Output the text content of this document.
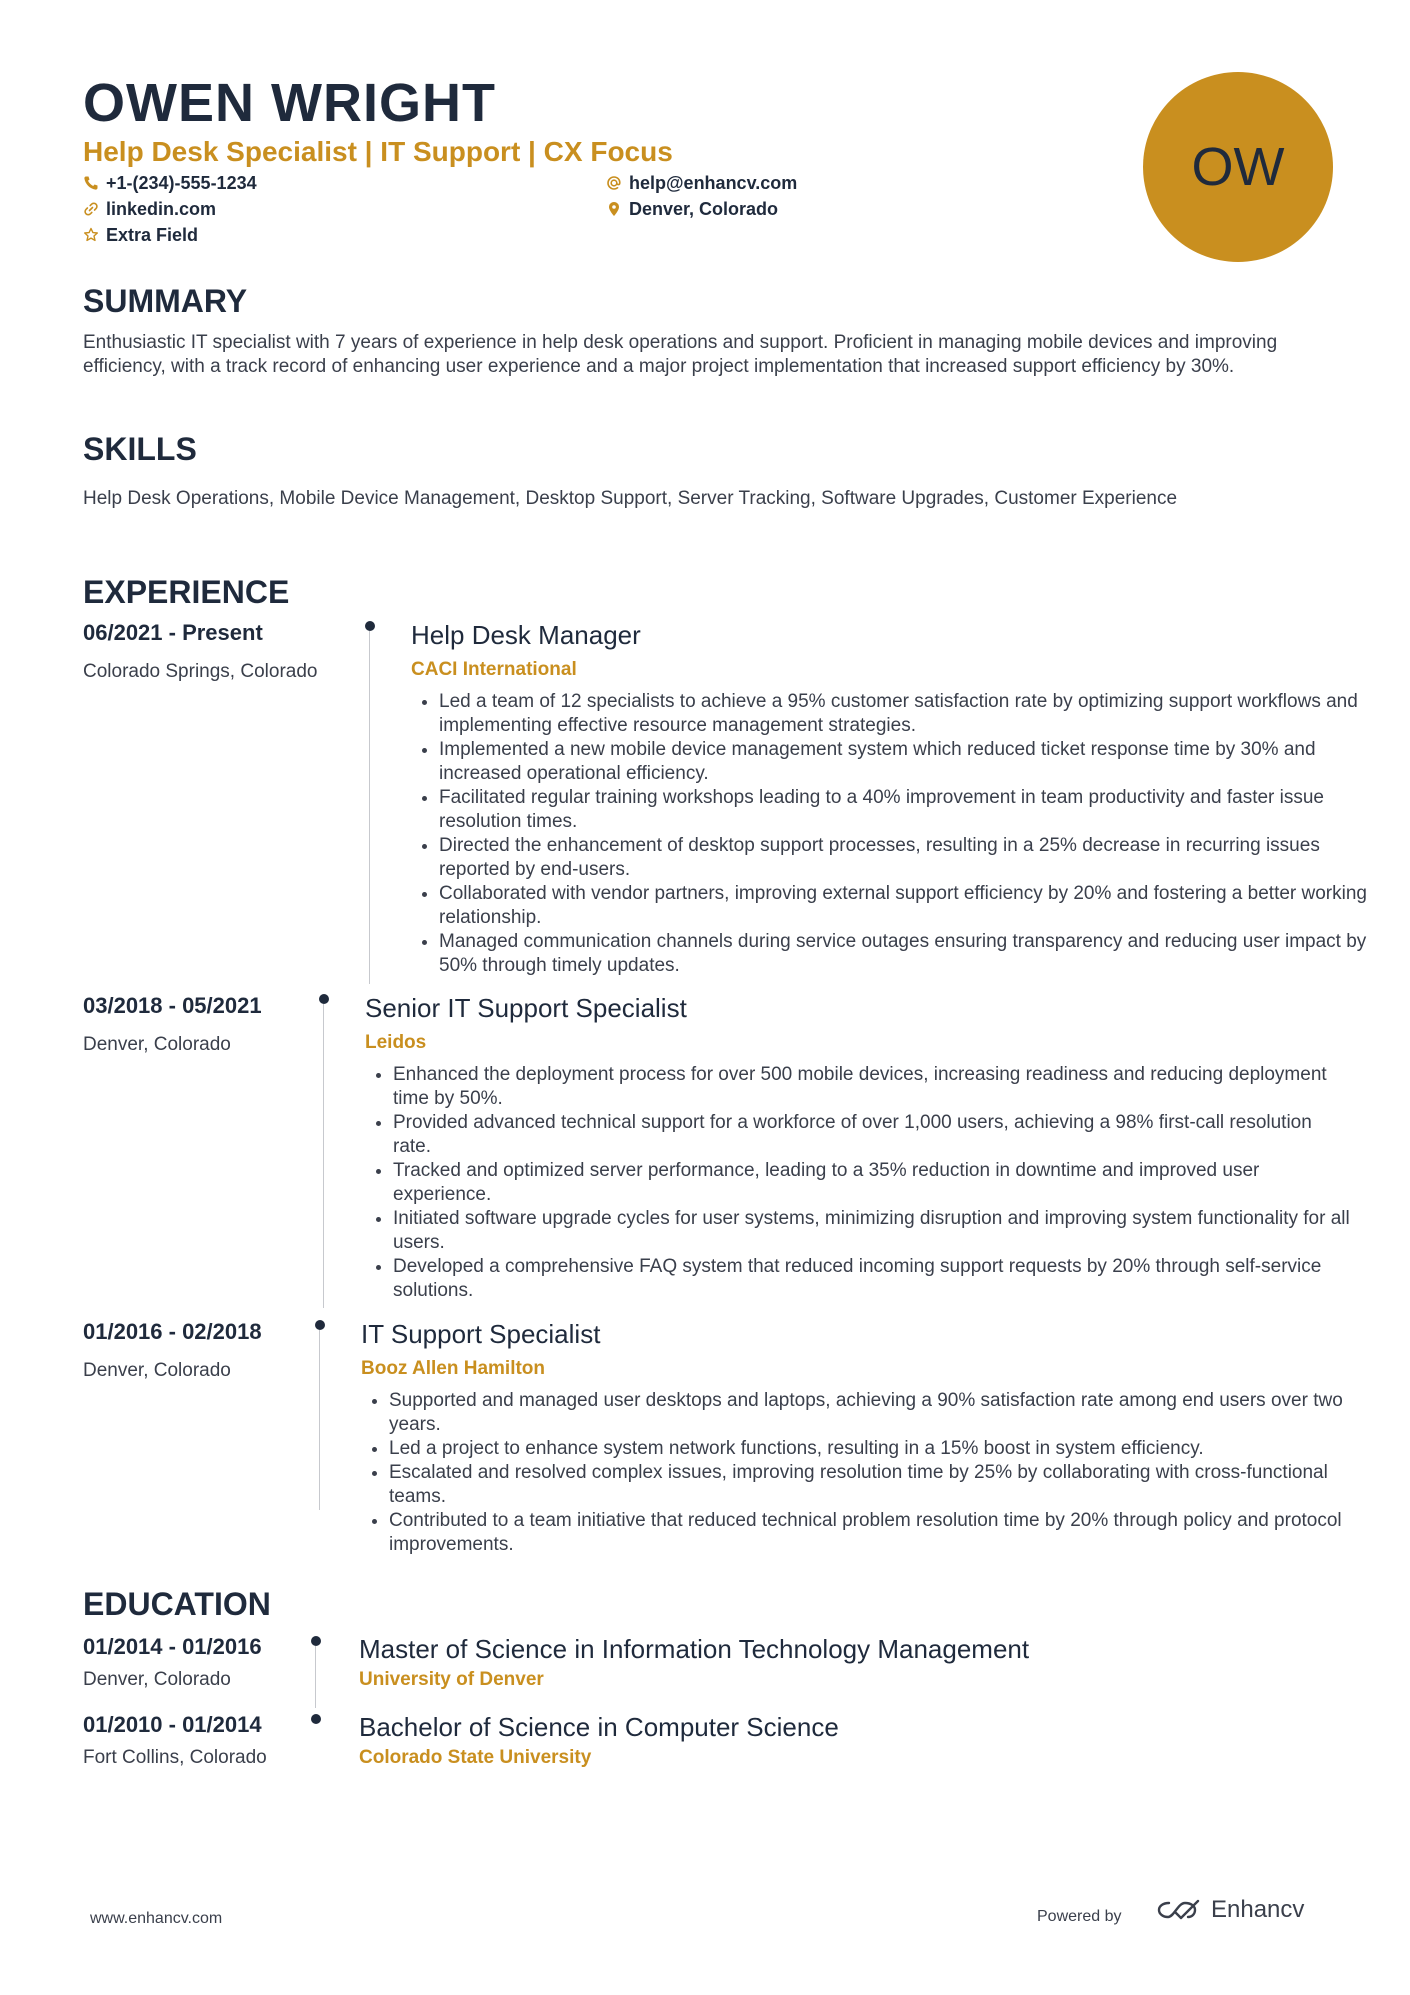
OWEN WRIGHT
Help Desk Specialist | IT Support | CX Focus
+1-(234)-555-1234	help@enhancv.com
linkedin.com	Denver, Colorado
Extra Field
OW
SUMMARY

Enthusiastic IT specialist with 7 years of experience in help desk operations and support. Proficient in managing mobile devices and improving efficiency, with a track record of enhancing user experience and a major project implementation that increased support efficiency by 30%.

SKILLS

Help Desk Operations, Mobile Device Management, Desktop Support, Server Tracking, Software Upgrades, Customer Experience

EXPERIENCE
06/2021 - Present
Colorado Springs, Colorado
Help Desk Manager
CACI International
• Led a team of 12 specialists to achieve a 95% customer satisfaction rate by optimizing support workflows and implementing effective resource management strategies.
• Implemented a new mobile device management system which reduced ticket response time by 30% and increased operational efficiency.
• Facilitated regular training workshops leading to a 40% improvement in team productivity and faster issue resolution times.
• Directed the enhancement of desktop support processes, resulting in a 25% decrease in recurring issues reported by end-users.
• Collaborated with vendor partners, improving external support efficiency by 20% and fostering a better working relationship.
• Managed communication channels during service outages ensuring transparency and reducing user impact by 50% through timely updates.
03/2018 - 05/2021
Denver, Colorado
Senior IT Support Specialist
Leidos
• Enhanced the deployment process for over 500 mobile devices, increasing readiness and reducing deployment time by 50%.
• Provided advanced technical support for a workforce of over 1,000 users, achieving a 98% first-call resolution rate.
• Tracked and optimized server performance, leading to a 35% reduction in downtime and improved user experience.
• Initiated software upgrade cycles for user systems, minimizing disruption and improving system functionality for all users.
• Developed a comprehensive FAQ system that reduced incoming support requests by 20% through self-service solutions.
01/2016 - 02/2018
Denver, Colorado
IT Support Specialist
Booz Allen Hamilton
• Supported and managed user desktops and laptops, achieving a 90% satisfaction rate among end users over two years.
• Led a project to enhance system network functions, resulting in a 15% boost in system efficiency.
• Escalated and resolved complex issues, improving resolution time by 25% by collaborating with cross-functional teams.
• Contributed to a team initiative that reduced technical problem resolution time by 20% through policy and protocol improvements.
EDUCATION
01/2014 - 01/2016
Denver, Colorado
Master of Science in Information Technology Management
University of Denver
01/2010 - 01/2014
Fort Collins, Colorado
Bachelor of Science in Computer Science
Colorado State University
www.enhancv.com	Powered by	Enhancv
